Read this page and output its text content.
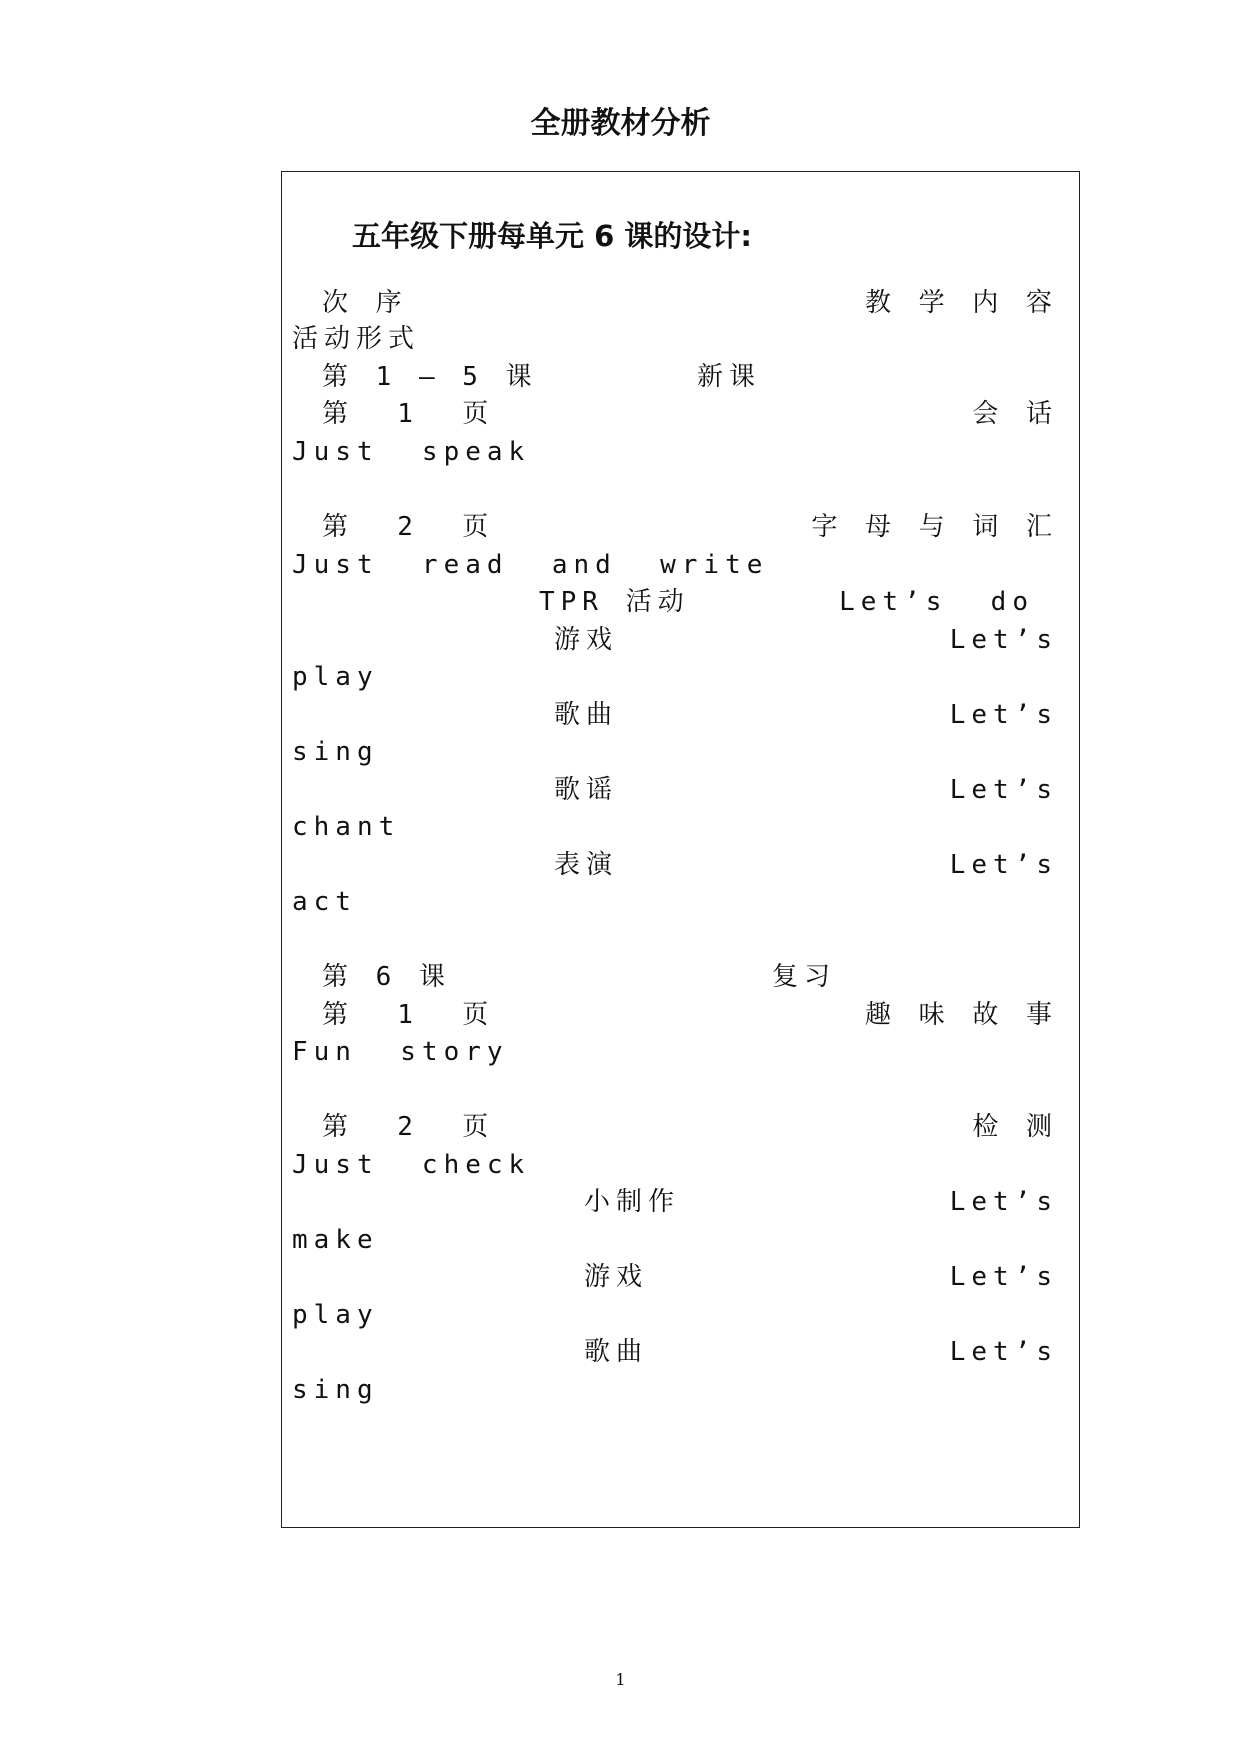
全册教材分析
五年级下册每单元 6 课的设计:
次 序	教 学 内 容
活动形式
第 1 – 5 课	新课
第  1  页	会 话
Just  speak
第  2  页	字 母 与 词 汇
Just  read  and  write
TPR 活动	Let’s  do
游戏	Let’s
play
歌曲	Let’s
sing
歌谣	Let’s
chant
表演	Let’s
act
第 6 课	复习
第  1  页	趣 味 故 事
Fun  story
第  2  页	检 测
Just  check
小制作	Let’s
make
游戏	Let’s
play
歌曲	Let’s
sing
1
